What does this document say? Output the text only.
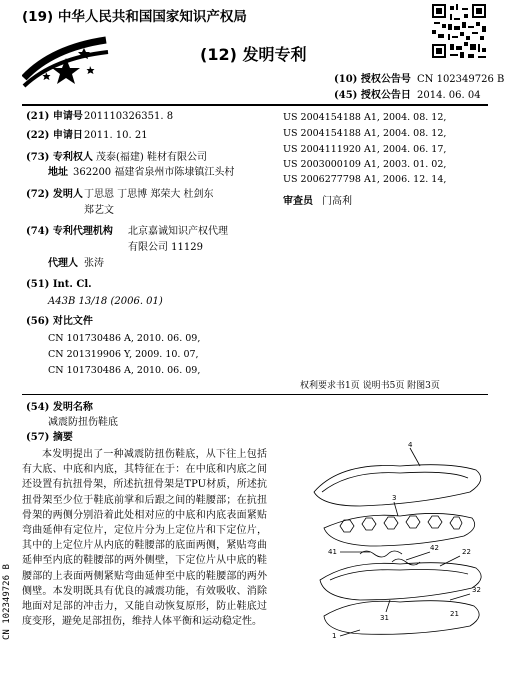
(19) 中华人民共和国国家知识产权局
(12) 发明专利
(10) 授权公告号 CN 102349726 B
(45) 授权公告日 2014. 06. 04
(21) 申请号 201110326351. 8
(22) 申请日 2011. 10. 21
(73) 专利权人 茂泰(福建) 鞋材有限公司
地址 362200 福建省泉州市陈埭镇江头村
(72) 发明人 丁思恩 丁思博 郑荣大 杜剑东
郑艺文
(74) 专利代理机构 北京嘉诚知识产权代理
有限公司 11129
代理人 张涛
(51) Int. Cl.
A43B 13/18 (2006. 01)
(56) 对比文件
CN 101730486 A, 2010. 06. 09,
CN 201319906 Y, 2009. 10. 07,
CN 101730486 A, 2010. 06. 09,
US 2004154188 A1, 2004. 08. 12,
US 2004154188 A1, 2004. 08. 12,
US 2004111920 A1, 2004. 06. 17,
US 2003000109 A1, 2003. 01. 02,
US 2006277798 A1, 2006. 12. 14,
审查员 门高利
权利要求书1页 说明书5页 附图3页
(54) 发明名称
减震防扭伤鞋底
(57) 摘要

本发明提出了一种减震防扭伤鞋底，从下往上包括有大底、中底和内底，其特征在于：在中底和内底之间还设置有抗扭骨架，所述抗扭骨架是TPU材质，所述抗扭骨架至少位于鞋底前掌和后跟之间的鞋腰部；在抗扭骨架的两侧分别沿着此处相对应的中底和内底表面紧贴弯曲延伸有定位片，定位片分为上定位片和下定位片，其中的上定位片从内底的鞋腰部的底面两侧，紧贴弯曲延伸至内底的鞋腰部的两外侧壁，下定位片从中底的鞋腰部的上表面两侧紧贴弯曲延伸至中底的鞋腰部的两外侧壁。本发明既具有优良的减震功能，有效吸收、消除地面对足部的冲击力，又能自动恢复原形，防止鞋底过度变形，避免足部扭伤，维持人体平衡和运动稳定性。

CN 102349726 B
4
3
41	42	22
31
32
21
1
